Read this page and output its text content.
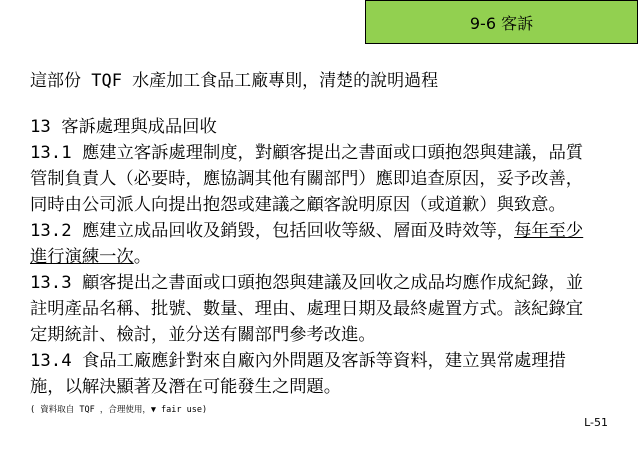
9-6 客訴
這部份 TQF 水產加工食品工廠專則，清楚的說明過程
13 客訴處理與成品回收
13.1 應建立客訴處理制度，對顧客提出之書面或口頭抱怨與建議，品質
管制負責人（必要時，應協調其他有關部門）應即追查原因，妥予改善，
同時由公司派人向提出抱怨或建議之顧客說明原因（或道歉）與致意。
13.2 應建立成品回收及銷毀，包括回收等級、層面及時效等，每年至少
進行演練一次。
13.3 顧客提出之書面或口頭抱怨與建議及回收之成品均應作成紀錄，並
註明產品名稱、批號、數量、理由、處理日期及最終處置方式。該紀錄宜
定期統計、檢討，並分送有關部門參考改進。
13.4 食品工廠應針對來自廠內外問題及客訴等資料，建立異常處理措
施，以解決顯著及潛在可能發生之問題。
( 資料取自 TQF ，合理使用，▼ fair use)
L-51
